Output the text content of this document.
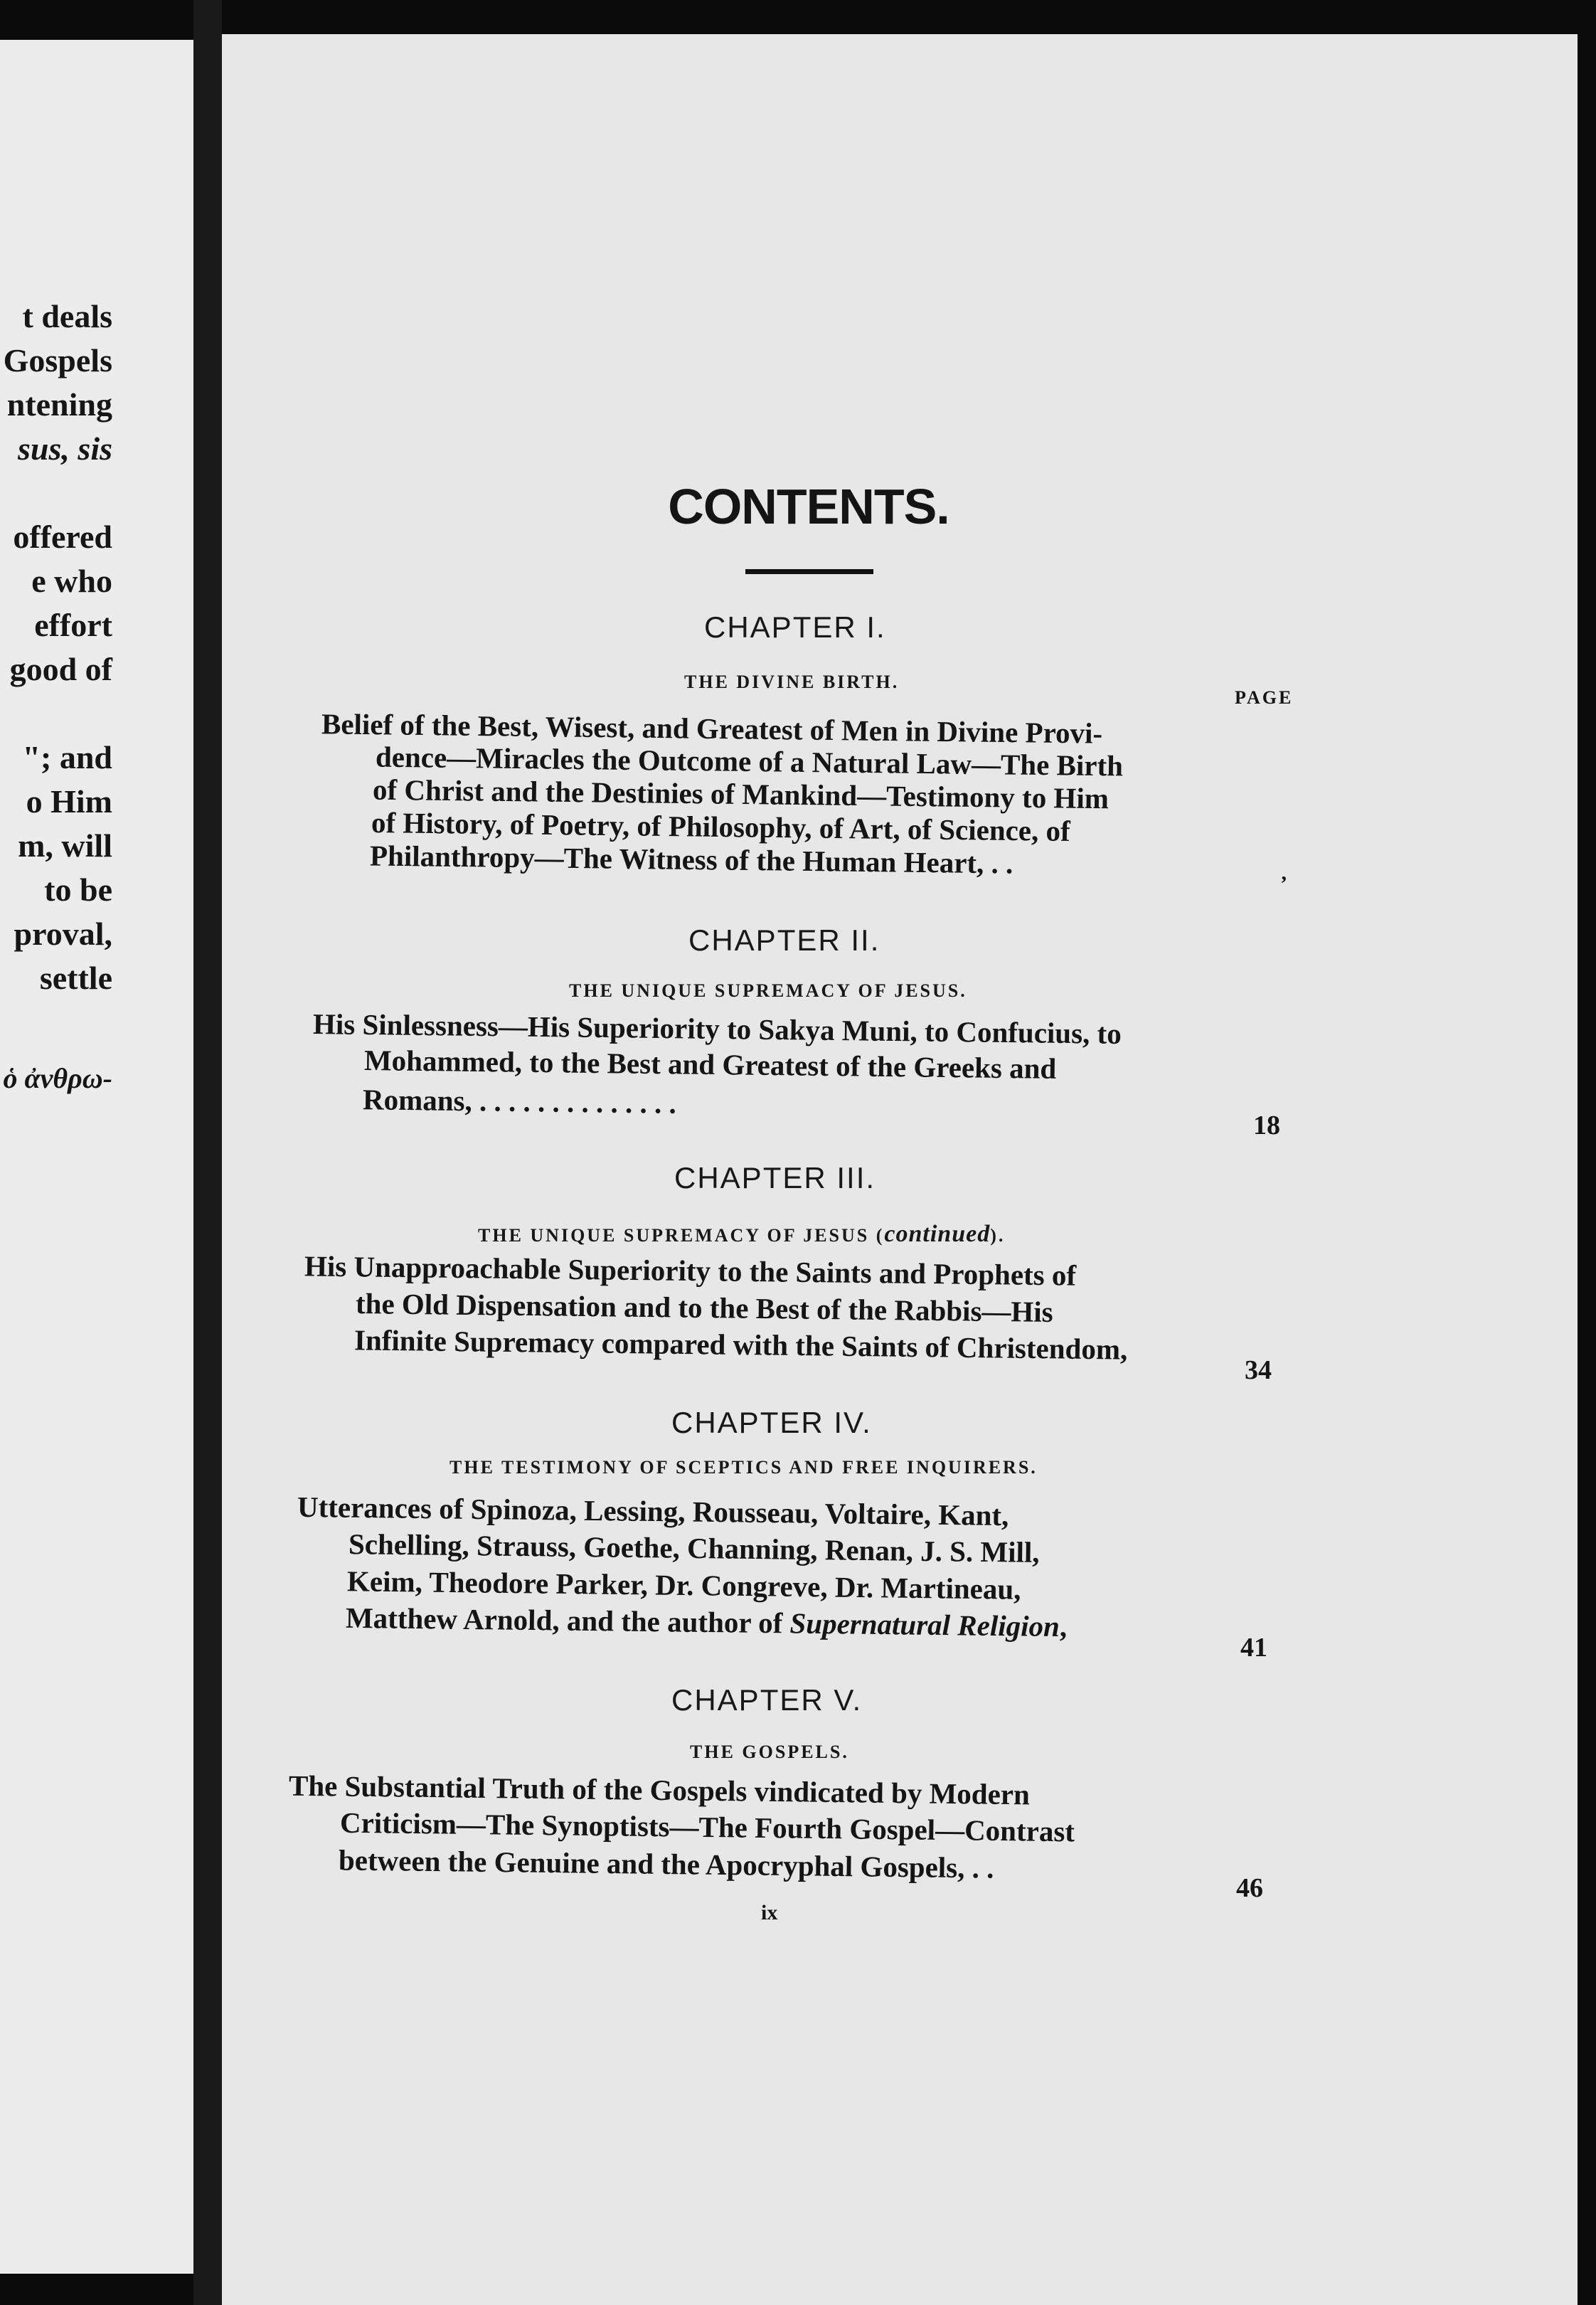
t deals
Gospels
ntening
sus, sis
offered
e who
effort
good of
"; and
o Him
m, will
to be
proval,
settle
ὁ ἀνθρω-
CONTENTS.
PAGE
CHAPTER I.
THE DIVINE BIRTH.
Belief of the Best, Wisest, and Greatest of Men in Divine Provi-
dence—Miracles the Outcome of a Natural Law—The Birth
of Christ and the Destinies of Mankind—Testimony to Him
of History, of Poetry, of Philosophy, of Art, of Science, of
Philanthropy—The Witness of the Human Heart, . .
ʼ
CHAPTER II.
THE UNIQUE SUPREMACY OF JESUS.
His Sinlessness—His Superiority to Sakya Muni, to Confucius, to
Mohammed, to the Best and Greatest of the Greeks and
Romans, . . . . . . . . . . . . . .
18
CHAPTER III.
THE UNIQUE SUPREMACY OF JESUS (continued).
His Unapproachable Superiority to the Saints and Prophets of
the Old Dispensation and to the Best of the Rabbis—His
Infinite Supremacy compared with the Saints of Christendom,
34
CHAPTER IV.
THE TESTIMONY OF SCEPTICS AND FREE INQUIRERS.
Utterances of Spinoza, Lessing, Rousseau, Voltaire, Kant,
Schelling, Strauss, Goethe, Channing, Renan, J. S. Mill,
Keim, Theodore Parker, Dr. Congreve, Dr. Martineau,
Matthew Arnold, and the author of Supernatural Religion,
41
CHAPTER V.
THE GOSPELS.
The Substantial Truth of the Gospels vindicated by Modern
Criticism—The Synoptists—The Fourth Gospel—Contrast
between the Genuine and the Apocryphal Gospels, . .
46
ix
